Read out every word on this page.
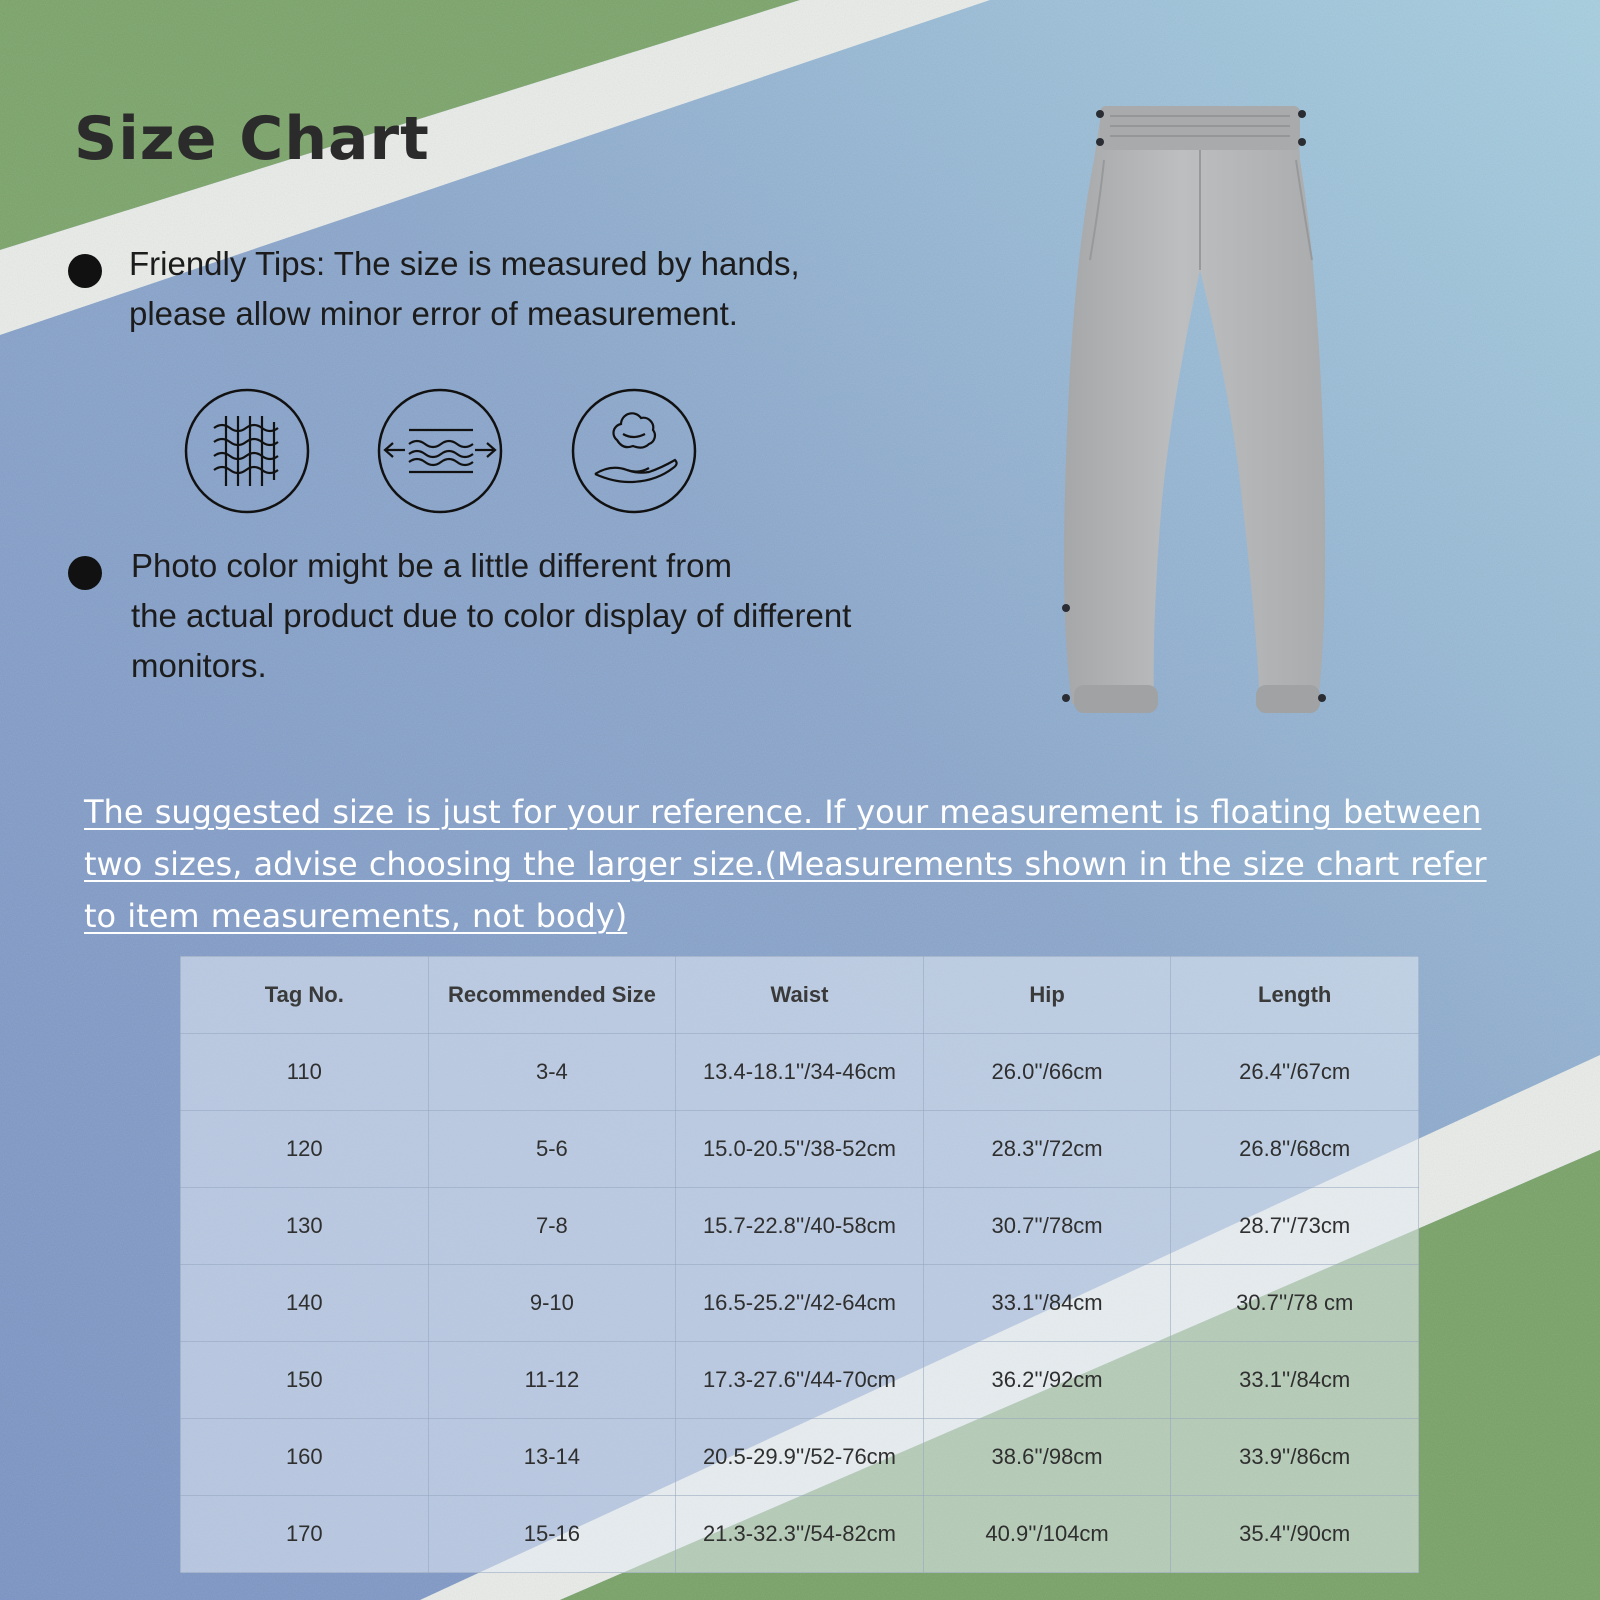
Size Chart

Friendly Tips: The size is measured by hands,
please allow minor error of measurement.

Photo color might be a little different from
the actual product due to color display of different
monitors.

The suggested size is just for your reference. If your measurement is floating between two sizes, advise choosing the larger size.(Measurements shown in the size chart refer to item measurements, not body)

Tag No.	Recommended Size	Waist	Hip	Length
110	3-4	13.4-18.1''/34-46cm	26.0''/66cm	26.4''/67cm
120	5-6	15.0-20.5''/38-52cm	28.3''/72cm	26.8''/68cm
130	7-8	15.7-22.8''/40-58cm	30.7''/78cm	28.7''/73cm
140	9-10	16.5-25.2''/42-64cm	33.1''/84cm	30.7''/78 cm
150	11-12	17.3-27.6''/44-70cm	36.2''/92cm	33.1''/84cm
160	13-14	20.5-29.9''/52-76cm	38.6''/98cm	33.9''/86cm
170	15-16	21.3-32.3''/54-82cm	40.9''/104cm	35.4''/90cm
